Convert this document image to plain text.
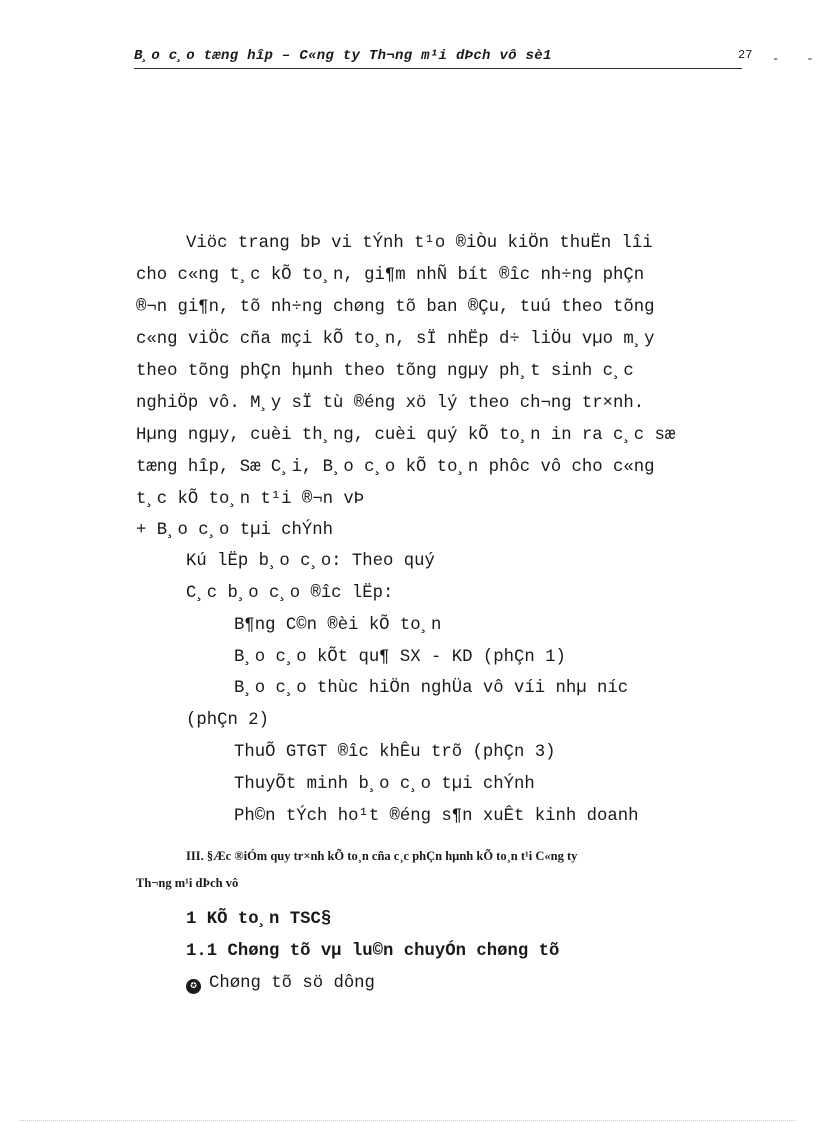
B¸o c¸o tæng hîp – C«ng ty Th¬ng m¹i dÞch vô sè1	27 - -
Viöc trang bÞ vi tÝnh t¹o ®iÒu kiÖn thuËn lîi
cho c«ng t¸c kÕ to¸n, gi¶m nhÑ bít ®îc nh÷ng phÇn
®¬n gi¶n, tõ nh÷ng chøng tõ ban ®Çu, tuú theo tõng
c«ng viÖc cña mçi kÕ to¸n, sÏ nhËp d÷ liÖu vµo m¸y
theo tõng phÇn hµnh theo tõng ngµy ph¸t sinh c¸c
nghiÖp vô. M¸y sÏ tù ®éng xö lý theo ch¬ng tr×nh.
Hµng ngµy, cuèi th¸ng, cuèi quý kÕ to¸n in ra c¸c sæ
tæng hîp, Sæ C¸i, B¸o c¸o kÕ to¸n phôc vô cho c«ng
t¸c kÕ to¸n t¹i ®¬n vÞ
+ B¸o c¸o tµi chÝnh
Kú lËp b¸o c¸o: Theo quý
C¸c b¸o c¸o ®îc lËp:
B¶ng C©n ®èi kÕ to¸n
B¸o c¸o kÕt qu¶ SX - KD (phÇn 1)
B¸o c¸o thùc hiÖn nghÜa vô víi nhµ níc
(phÇn 2)
ThuÕ GTGT ®îc khÊu trõ (phÇn 3)
ThuyÕt minh b¸o c¸o tµi chÝnh
Ph©n tÝch ho¹t ®éng s¶n xuÊt kinh doanh
III. §Æc ®iÓm quy tr×nh kÕ to¸n cña c¸c phÇn hµnh kÕ to¸n t¹i C«ng ty
Th¬ng m¹i dÞch vô
1 KÕ to¸n TSC§
1.1 Chøng tõ vµ lu©n chuyÓn chøng tõ
✪ Chøng tõ sö dông
